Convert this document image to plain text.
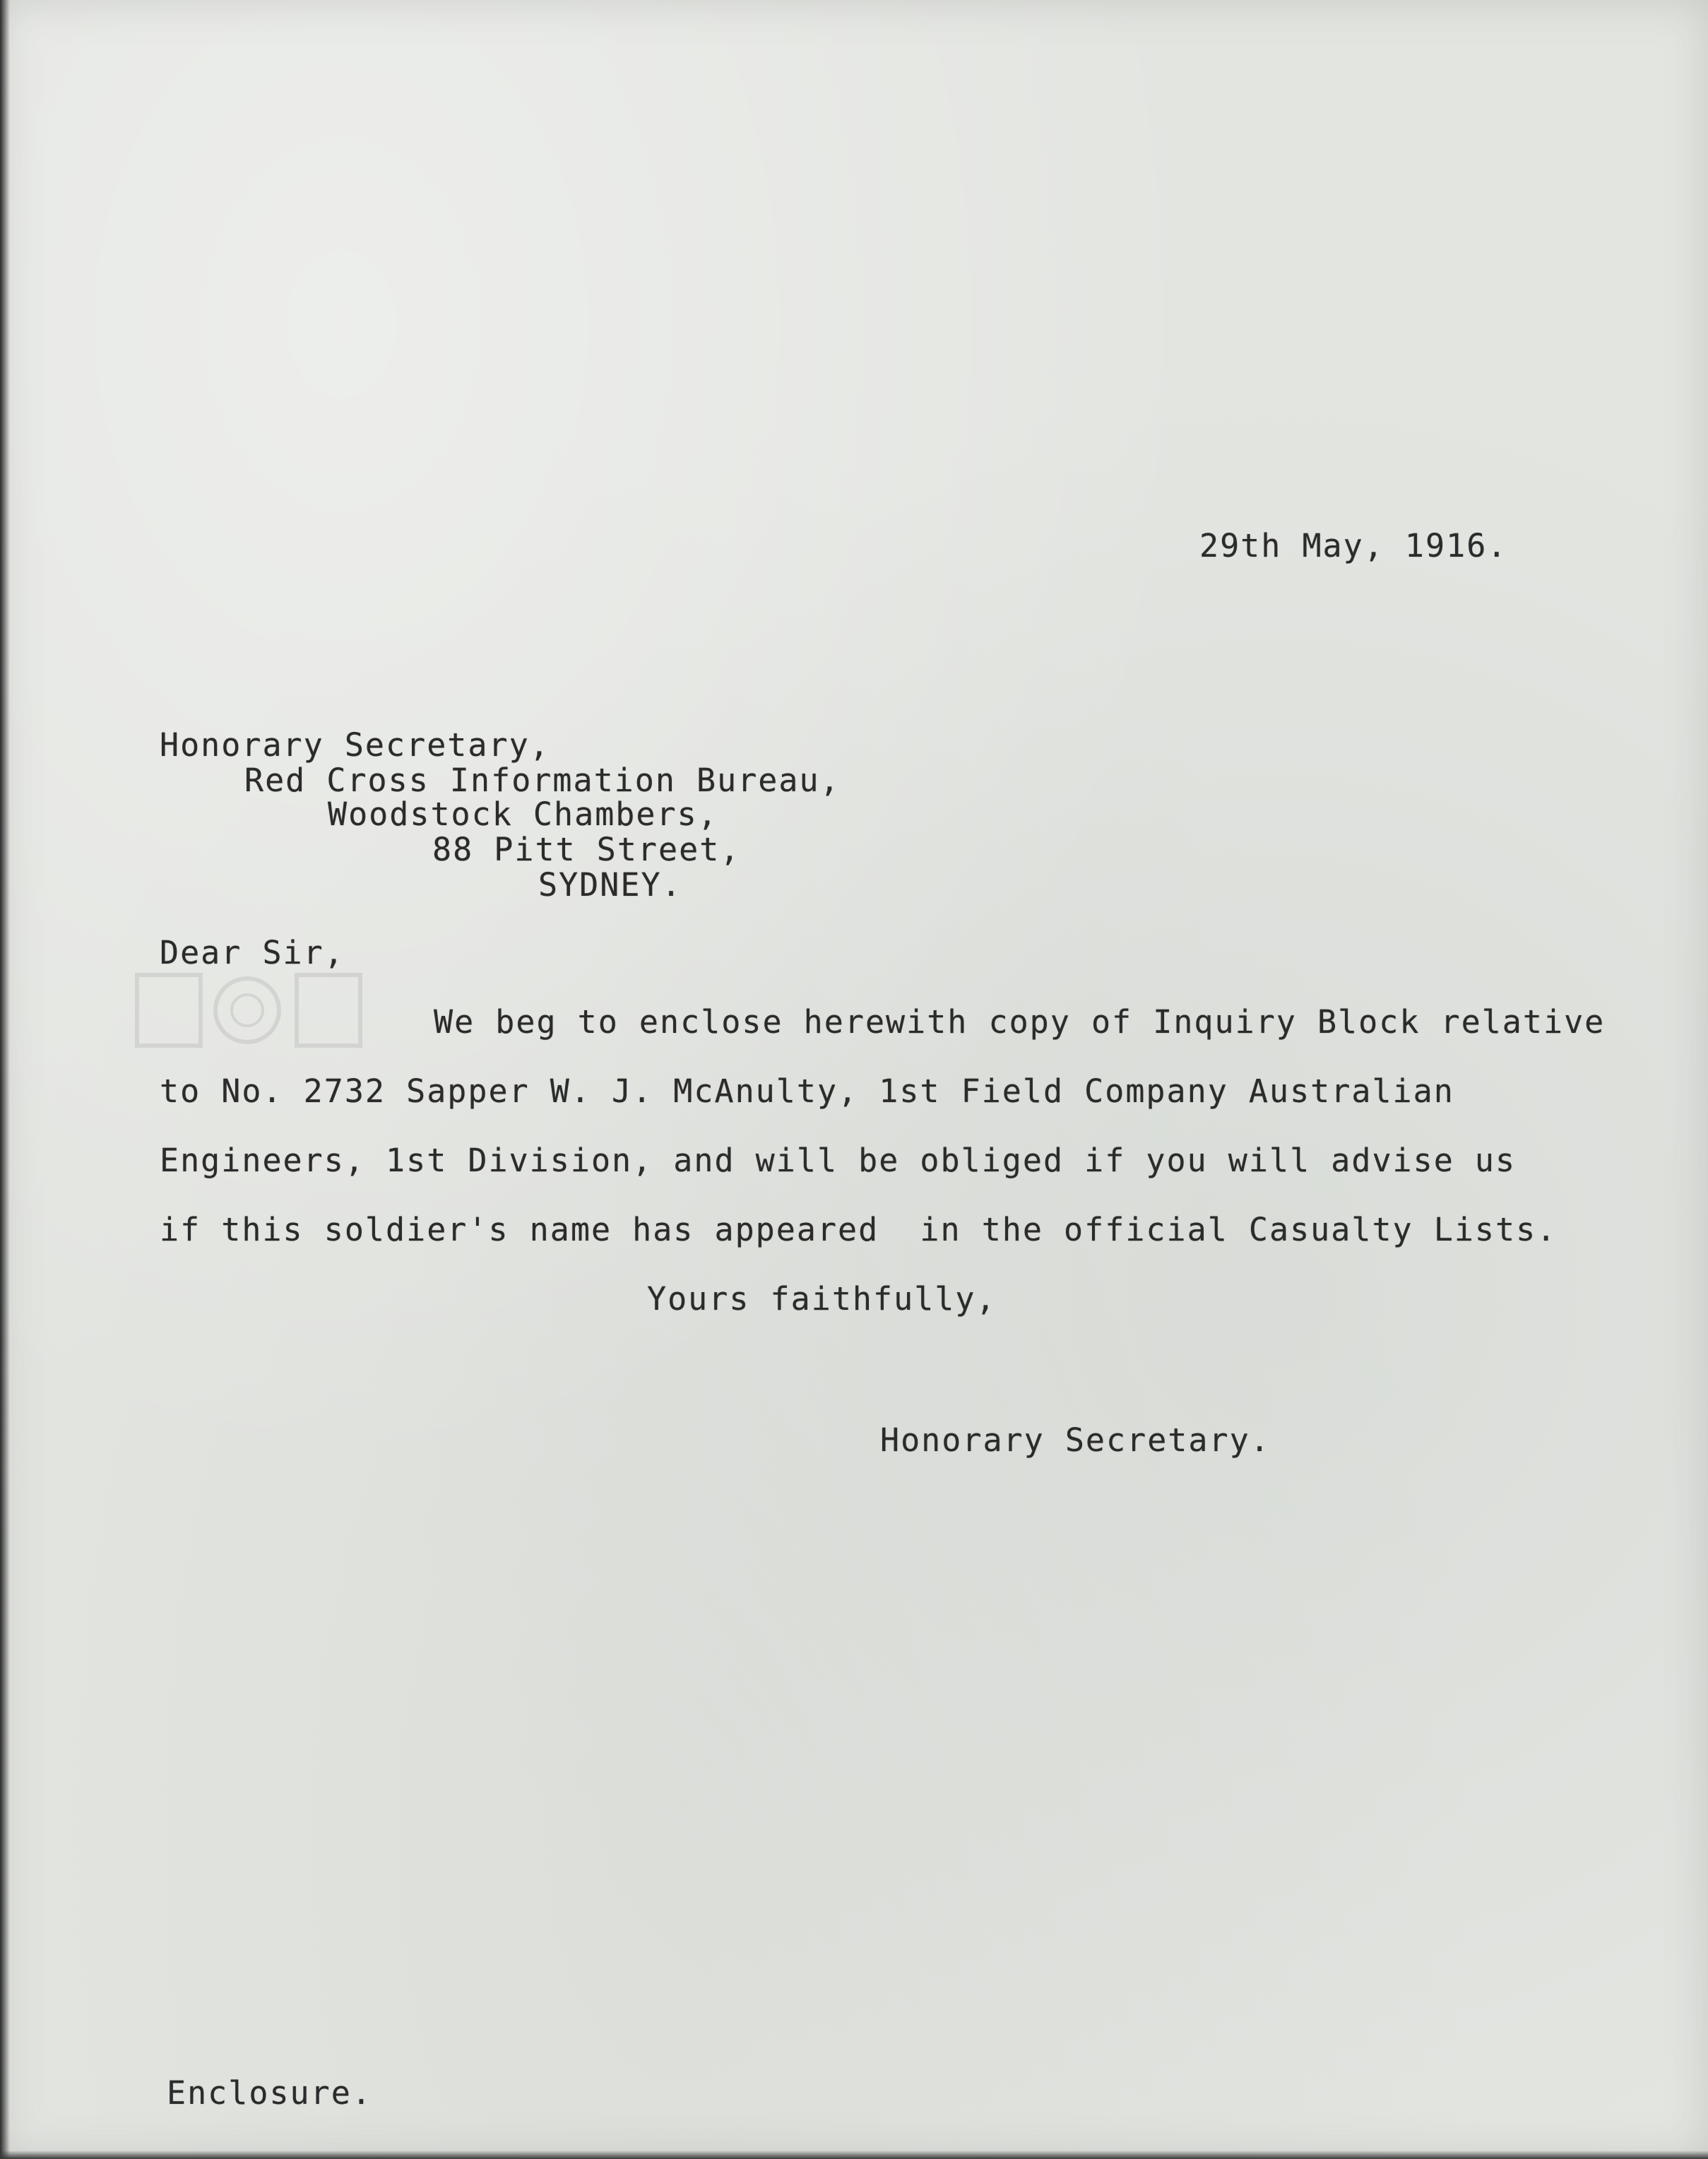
29th May, 1916.
Honorary Secretary,
Red Cross Information Bureau,
Woodstock Chambers,
88 Pitt Street,
SYDNEY.
Dear Sir,
We beg to enclose herewith copy of Inquiry Block relative
to No. 2732 Sapper W. J. McAnulty, 1st Field Company Australian
Engineers, 1st Division, and will be obliged if you will advise us
if this soldier's name has appeared  in the official Casualty Lists.
Yours faithfully,
Honorary Secretary.
Enclosure.
